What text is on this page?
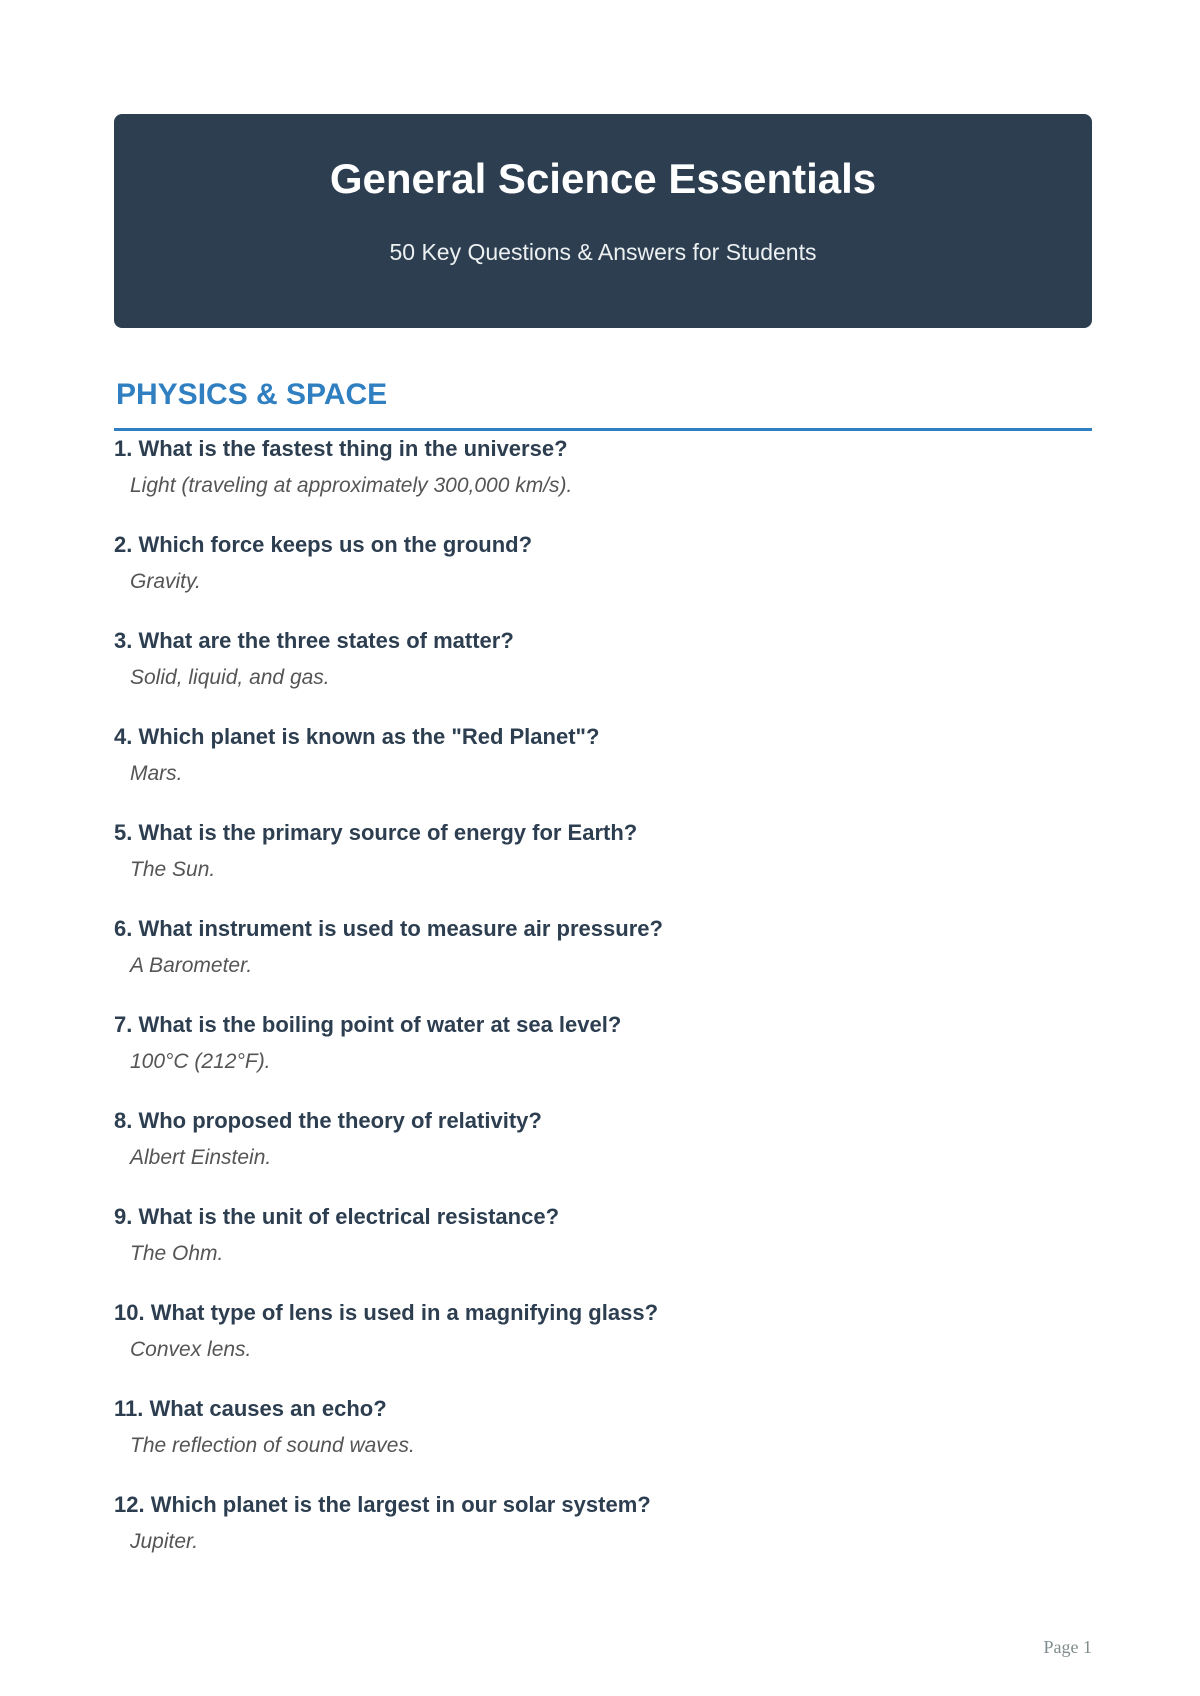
General Science Essentials
50 Key Questions & Answers for Students
PHYSICS & SPACE
1. What is the fastest thing in the universe?
Light (traveling at approximately 300,000 km/s).
2. Which force keeps us on the ground?
Gravity.
3. What are the three states of matter?
Solid, liquid, and gas.
4. Which planet is known as the "Red Planet"?
Mars.
5. What is the primary source of energy for Earth?
The Sun.
6. What instrument is used to measure air pressure?
A Barometer.
7. What is the boiling point of water at sea level?
100°C (212°F).
8. Who proposed the theory of relativity?
Albert Einstein.
9. What is the unit of electrical resistance?
The Ohm.
10. What type of lens is used in a magnifying glass?
Convex lens.
11. What causes an echo?
The reflection of sound waves.
12. Which planet is the largest in our solar system?
Jupiter.
Page 1
